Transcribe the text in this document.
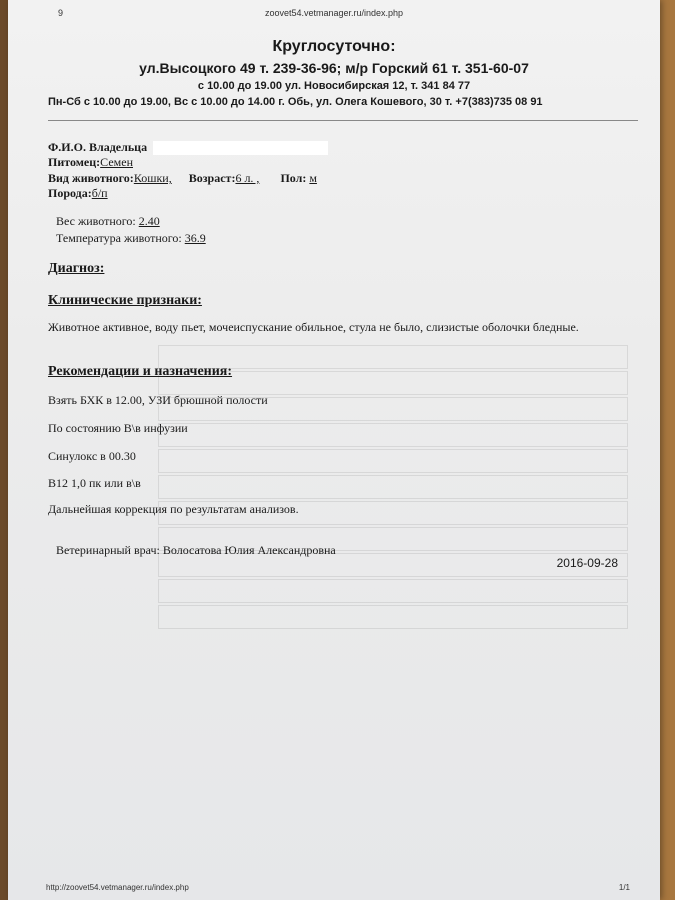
9	zoovet54.vetmanager.ru/index.php
Круглосуточно:
ул.Высоцкого 49 т. 239-36-96; м/р Горский 61 т. 351-60-07
с 10.00 до 19.00 ул. Новосибирская 12, т. 341 84 77
Пн-Сб с 10.00 до 19.00, Вс с 10.00 до 14.00 г. Обь, ул. Олега Кошевого, 30 т. +7(383)735 08 91
Ф.И.О. Владельца
Питомец:Семен
Вид животного:Кошки, Возраст:6 л. , Пол: м
Порода:б/п
Вес животного: 2.40
Температура животного: 36.9
Диагноз:
Клинические признаки:
Животное активное, воду пьет, мочеиспускание обильное, стула не было, слизистые оболочки бледные.
Рекомендации и назначения:
Взять БХК в 12.00, УЗИ брюшной полости
По состоянию В\в инфузии
Синулокс в 00.30
В12 1,0 пк или в\в
Дальнейшая коррекция по результатам анализов.
Ветеринарный врач: Волосатова Юлия Александровна
2016-09-28
http://zoovet54.vetmanager.ru/index.php	1/1
